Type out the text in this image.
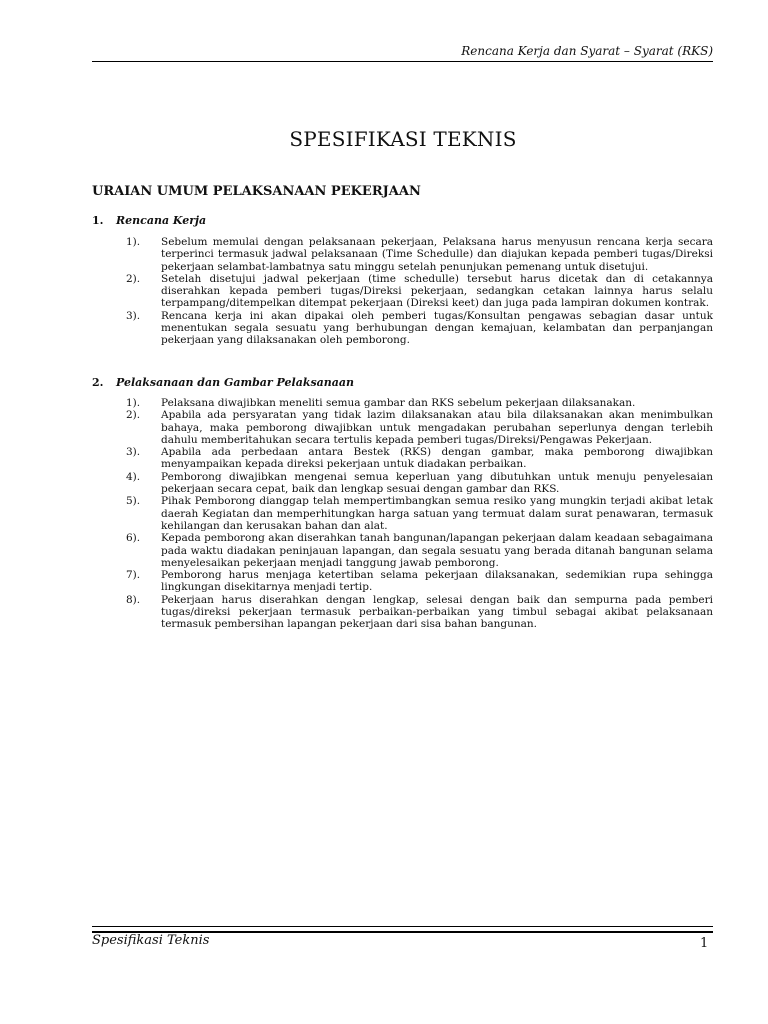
Rencana Kerja dan Syarat – Syarat (RKS)
SPESIFIKASI TEKNIS
URAIAN UMUM PELAKSANAAN PEKERJAAN
1. Rencana Kerja
1). Sebelum memulai dengan pelaksanaan pekerjaan, Pelaksana harus menyusun rencana kerja secara terperinci termasuk jadwal pelaksanaan (Time Schedulle) dan diajukan kepada pemberi tugas/Direksi pekerjaan selambat-lambatnya satu minggu setelah penunjukan pemenang untuk disetujui.
2). Setelah disetujui jadwal pekerjaan (time schedulle) tersebut harus dicetak dan di cetakannya diserahkan kepada pemberi tugas/Direksi pekerjaan, sedangkan cetakan lainnya harus selalu terpampang/ditempelkan ditempat pekerjaan (Direksi keet) dan juga pada lampiran dokumen kontrak.
3). Rencana kerja ini akan dipakai oleh pemberi tugas/Konsultan pengawas sebagian dasar untuk menentukan segala sesuatu yang berhubungan dengan kemajuan, kelambatan dan perpanjangan pekerjaan yang dilaksanakan oleh pemborong.
2. Pelaksanaan dan Gambar Pelaksanaan
1). Pelaksana diwajibkan meneliti semua gambar dan RKS sebelum pekerjaan dilaksanakan.
2). Apabila ada persyaratan yang tidak lazim dilaksanakan atau bila dilaksanakan akan menimbulkan bahaya, maka pemborong diwajibkan untuk mengadakan perubahan seperlunya dengan terlebih dahulu memberitahukan secara tertulis kepada pemberi tugas/Direksi/Pengawas Pekerjaan.
3). Apabila ada perbedaan antara Bestek (RKS) dengan gambar, maka pemborong diwajibkan menyampaikan kepada direksi pekerjaan untuk diadakan perbaikan.
4). Pemborong diwajibkan mengenai semua keperluan yang dibutuhkan untuk menuju penyelesaian pekerjaan secara cepat, baik dan lengkap sesuai dengan gambar dan RKS.
5). Pihak Pemborong dianggap telah mempertimbangkan semua resiko yang mungkin terjadi akibat letak daerah Kegiatan dan memperhitungkan harga satuan yang termuat dalam surat penawaran, termasuk kehilangan dan kerusakan bahan dan alat.
6). Kepada pemborong akan diserahkan tanah bangunan/lapangan pekerjaan dalam keadaan sebagaimana pada waktu diadakan peninjauan lapangan, dan segala sesuatu yang berada ditanah bangunan selama menyelesaikan pekerjaan menjadi tanggung jawab pemborong.
7). Pemborong harus menjaga ketertiban selama pekerjaan dilaksanakan, sedemikian rupa sehingga lingkungan disekitarnya menjadi tertip.
8). Pekerjaan harus diserahkan dengan lengkap, selesai dengan baik dan sempurna pada pemberi tugas/direksi pekerjaan termasuk perbaikan-perbaikan yang timbul sebagai akibat pelaksanaan termasuk pembersihan lapangan pekerjaan dari sisa bahan bangunan.
Spesifikasi Teknis	1
